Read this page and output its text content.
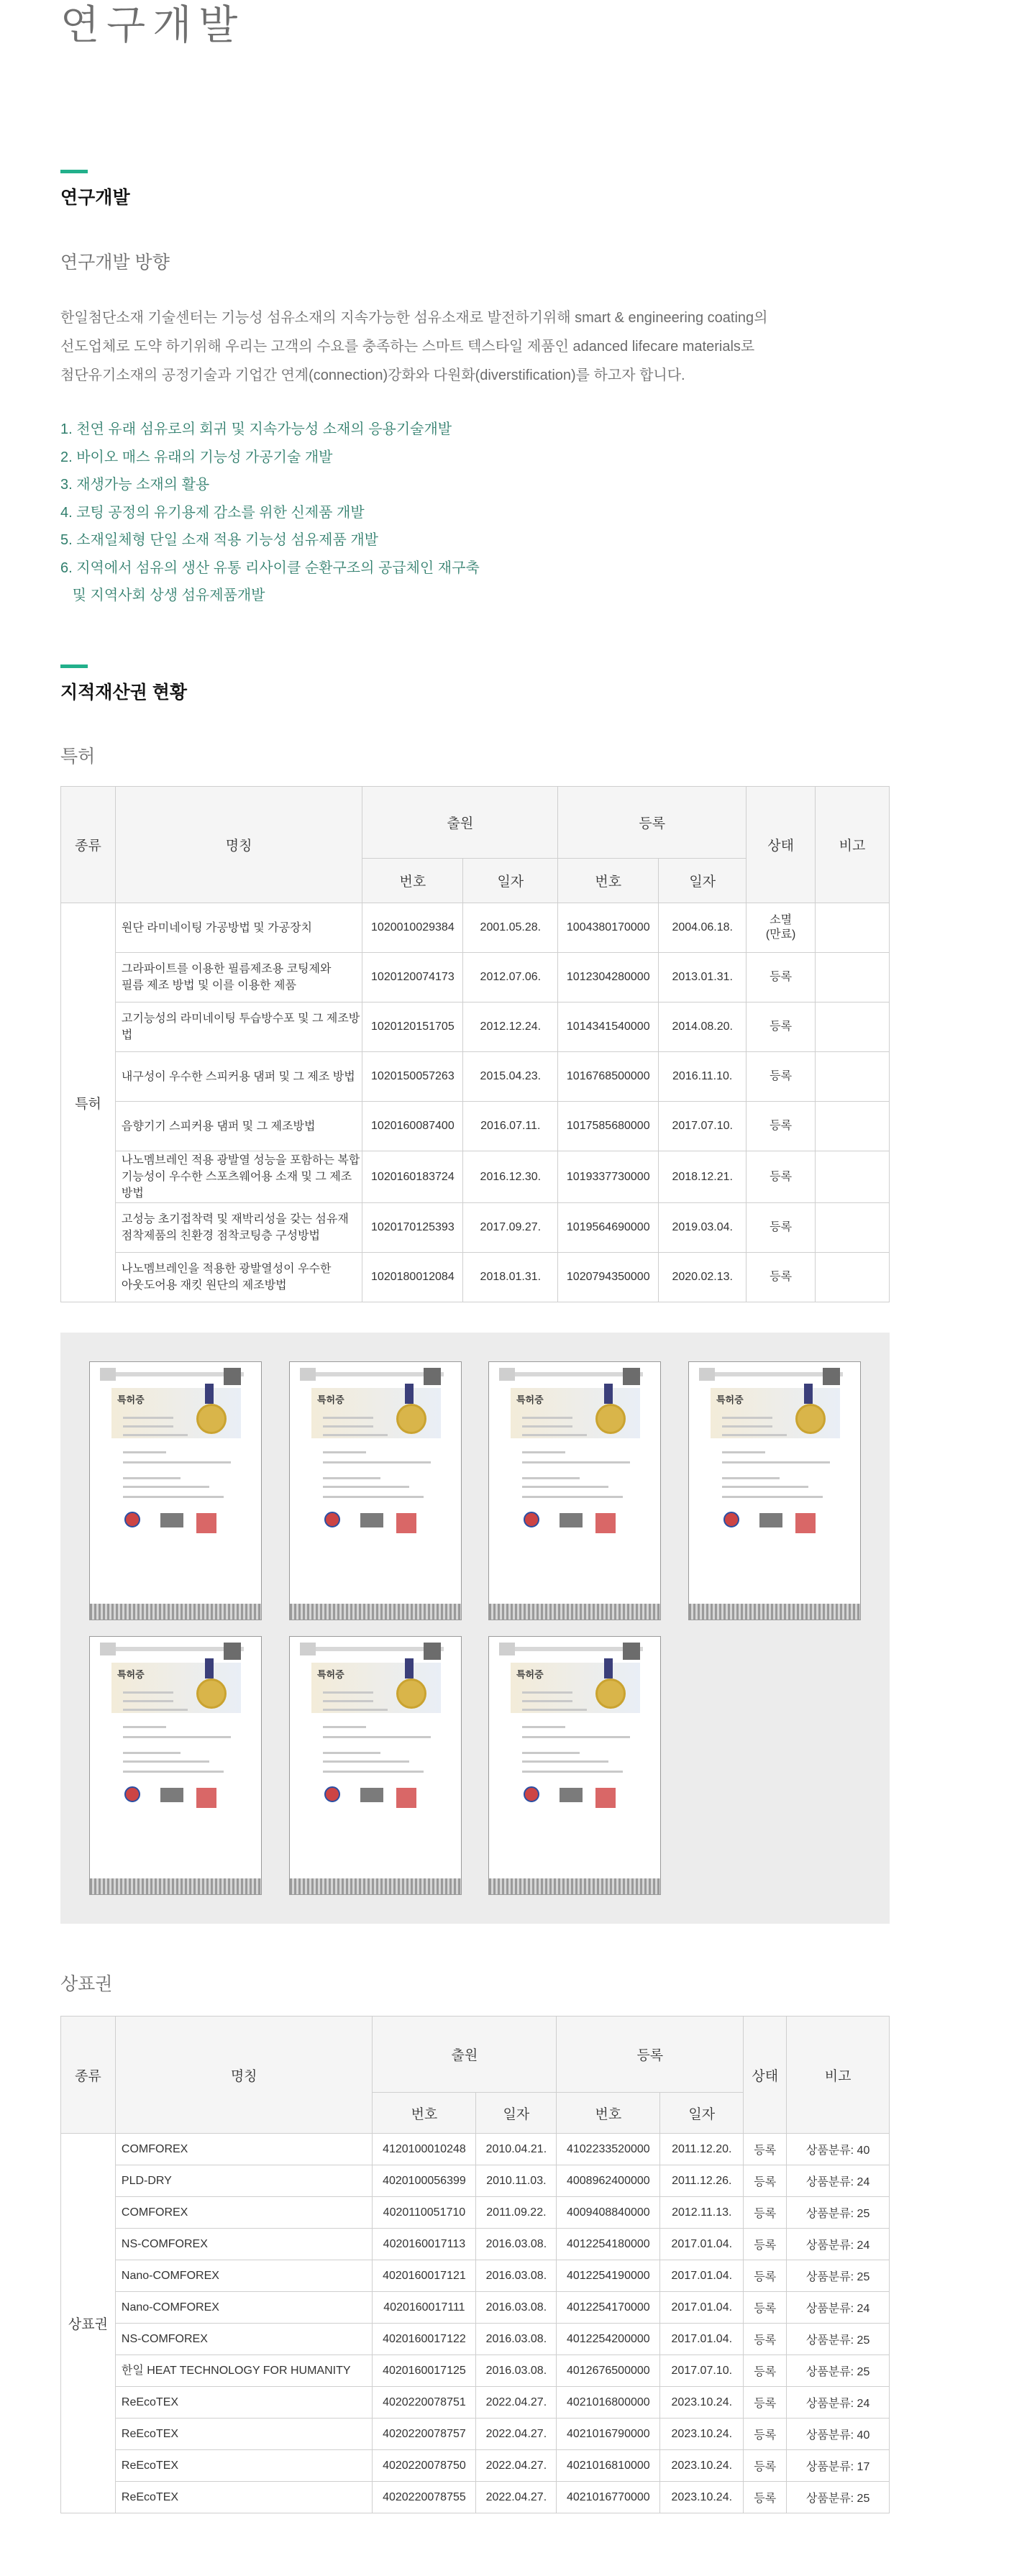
연구개발
연구개발
연구개발 방향
한일첨단소재 기술센터는 기능성 섬유소재의 지속가능한 섬유소재로 발전하기위해 smart & engineering coating의
선도업체로 도약 하기위해 우리는 고객의 수요를 충족하는 스마트 텍스타일 제품인 adanced lifecare materials로
첨단유기소재의 공정기술과 기업간 연계(connection)강화와 다원화(diverstification)를 하고자 합니다.
1. 천연 유래 섬유로의 회귀 및 지속가능성 소재의 응용기술개발
2. 바이오 매스 유래의 기능성 가공기술 개발
3. 재생가능 소재의 활용
4. 코팅 공정의 유기용제 감소를 위한 신제품 개발
5. 소재일체형 단일 소재 적용 기능성 섬유제품 개발
6. 지역에서 섬유의 생산 유통 리사이클 순환구조의 공급체인 재구축
및 지역사회 상생 섬유제품개발
지적재산권 현황
특허
종류	명칭	출원		등록		상태	비고
		번호	일자	번호	일자		
특허	원단 라미네이팅 가공방법 및 가공장치	1020010029384	2001.05.28.	1004380170000	2004.06.18.	소멸
(만료)	

	그라파이트를 이용한 필름제조용 코팅제와
필름 제조 방법 및 이를 이용한 제품	1020120074173	2012.07.06.	1012304280000	2013.01.31.	등록	

	고기능성의 라미네이팅 투습방수포 및 그 제조방법	1020120151705	2012.12.24.	1014341540000	2014.08.20.	등록	

	내구성이 우수한 스피커용 댐퍼 및 그 제조 방법	1020150057263	2015.04.23.	1016768500000	2016.11.10.	등록	

	음향기기 스피커용 댐퍼 및 그 제조방법	1020160087400	2016.07.11.	1017585680000	2017.07.10.	등록	

	나노멤브레인 적용 광발열 성능을 포함하는 복합
기능성이 우수한 스포츠웨어용 소재 및 그 제조방법	1020160183724	2016.12.30.	1019337730000	2018.12.21.	등록	

	고성능 초기접착력 및 재박리성을 갖는 섬유재
점착제품의 친환경 점착코팅층 구성방법	1020170125393	2017.09.27.	1019564690000	2019.03.04.	등록	

	나노멤브레인을 적용한 광발열성이 우수한
아웃도어용 재킷 원단의 제조방법	1020180012084	2018.01.31.	1020794350000	2020.02.13.	등록	

특허증	특허증	특허증	특허증
특허증	특허증	특허증
상표권
종류	명칭	출원		등록		상태	비고
		번호	일자	번호	일자		
상표권	COMFOREX	4120100010248	2010.04.21.	4102233520000	2011.12.20.	등록	상품분류: 40
	PLD-DRY	4020100056399	2010.11.03.	4008962400000	2011.12.26.	등록	상품분류: 24
	COMFOREX	4020110051710	2011.09.22.	4009408840000	2012.11.13.	등록	상품분류: 25
	NS-COMFOREX	4020160017113	2016.03.08.	4012254180000	2017.01.04.	등록	상품분류: 24
	Nano-COMFOREX	4020160017121	2016.03.08.	4012254190000	2017.01.04.	등록	상품분류: 25
	Nano-COMFOREX	4020160017111	2016.03.08.	4012254170000	2017.01.04.	등록	상품분류: 24
	NS-COMFOREX	4020160017122	2016.03.08.	4012254200000	2017.01.04.	등록	상품분류: 25
	한일 HEAT TECHNOLOGY FOR HUMANITY	4020160017125	2016.03.08.	4012676500000	2017.07.10.	등록	상품분류: 25
	ReEcoTEX	4020220078751	2022.04.27.	4021016800000	2023.10.24.	등록	상품분류: 24
	ReEcoTEX	4020220078757	2022.04.27.	4021016790000	2023.10.24.	등록	상품분류: 40
	ReEcoTEX	4020220078750	2022.04.27.	4021016810000	2023.10.24.	등록	상품분류: 17
	ReEcoTEX	4020220078755	2022.04.27.	4021016770000	2023.10.24.	등록	상품분류: 25
